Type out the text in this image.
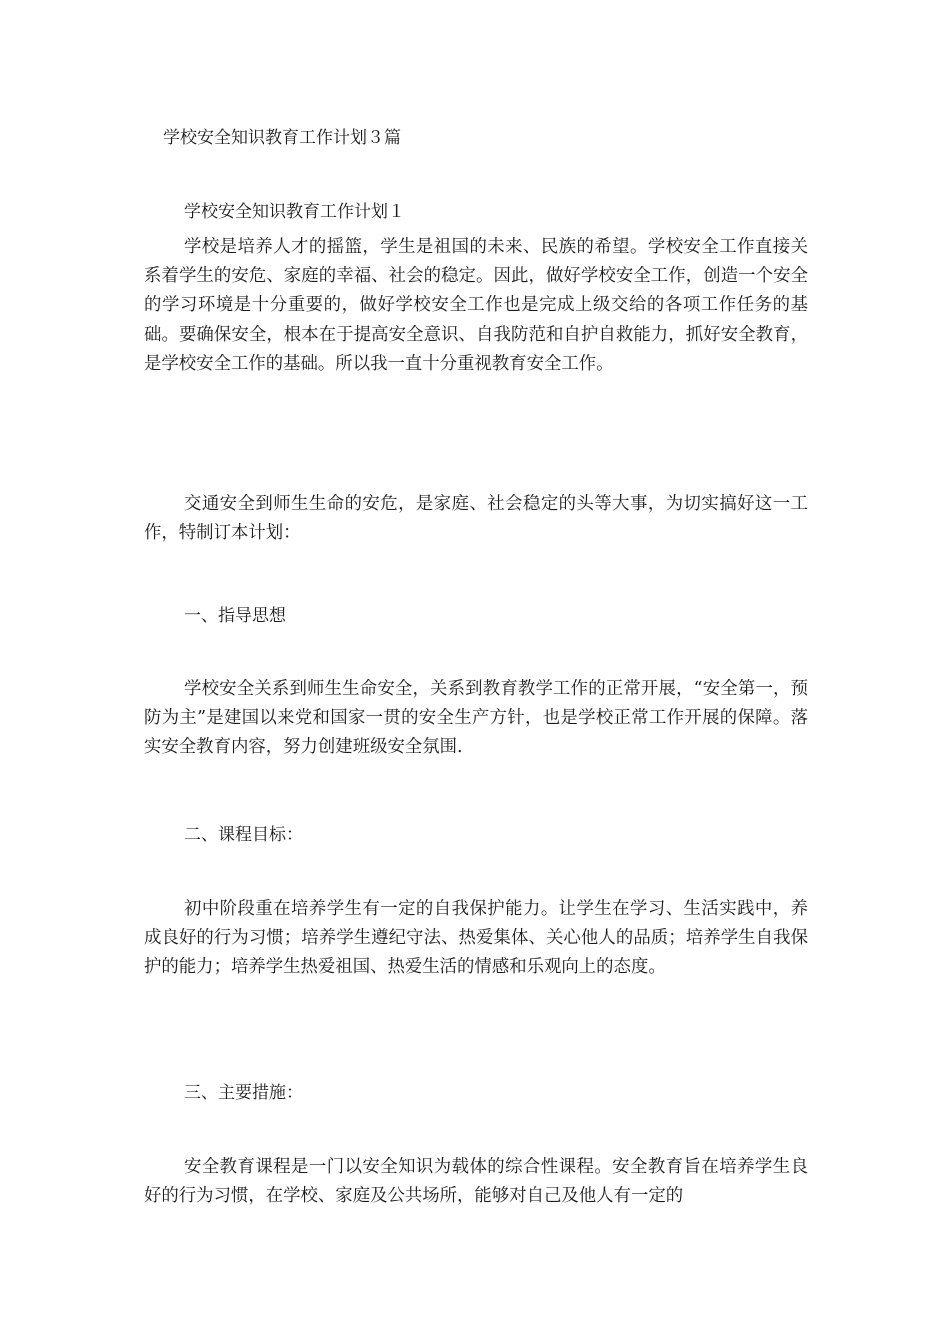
学校安全知识教育工作计划３篇
学校安全知识教育工作计划１

学校是培养人才的摇篮，学生是祖国的未来、民族的希望。学校安全工作直接关系着学生的安危、家庭的幸福、社会的稳定。因此，做好学校安全工作，创造一个安全的学习环境是十分重要的，做好学校安全工作也是完成上级交给的各项工作任务的基础。要确保安全，根本在于提高安全意识、自我防范和自护自救能力，抓好安全教育，是学校安全工作的基础。所以我一直十分重视教育安全工作。

交通安全到师生生命的安危，是家庭、社会稳定的头等大事，为切实搞好这一工作，特制订本计划：

一、指导思想

学校安全关系到师生生命安全，关系到教育教学工作的正常开展，“安全第一，预防为主”是建国以来党和国家一贯的安全生产方针，也是学校正常工作开展的保障。落实安全教育内容，努力创建班级安全氛围.

二、课程目标：

初中阶段重在培养学生有一定的自我保护能力。让学生在学习、生活实践中，养成良好的行为习惯；培养学生遵纪守法、热爱集体、关心他人的品质；培养学生自我保护的能力；培养学生热爱祖国、热爱生活的情感和乐观向上的态度。

三、主要措施：

安全教育课程是一门以安全知识为载体的综合性课程。安全教育旨在培养学生良好的行为习惯，在学校、家庭及公共场所，能够对自己及他人有一定的
